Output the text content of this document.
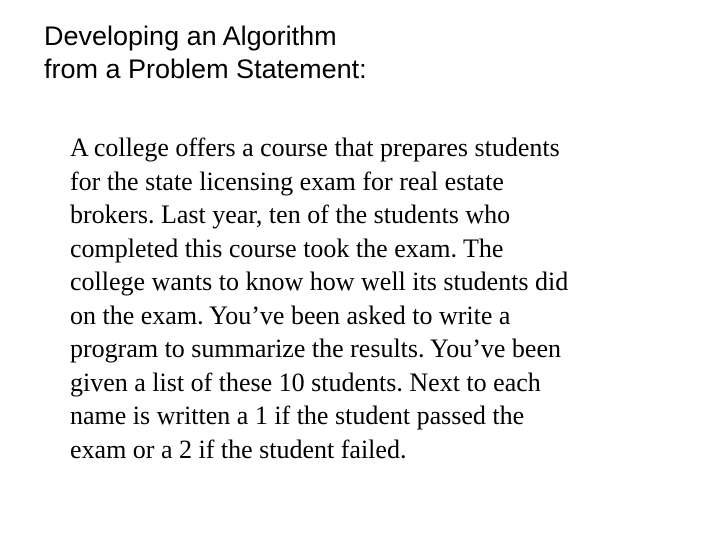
Developing an Algorithm
from a Problem Statement:
A college offers a course that prepares students
for the state licensing exam for real estate
brokers. Last year, ten of the students who
completed this course took the exam. The
college wants to know how well its students did
on the exam. You’ve been asked to write a
program to summarize the results. You’ve been
given a list of these 10 students. Next to each
name is written a 1 if the student passed the
exam or a 2 if the student failed.
